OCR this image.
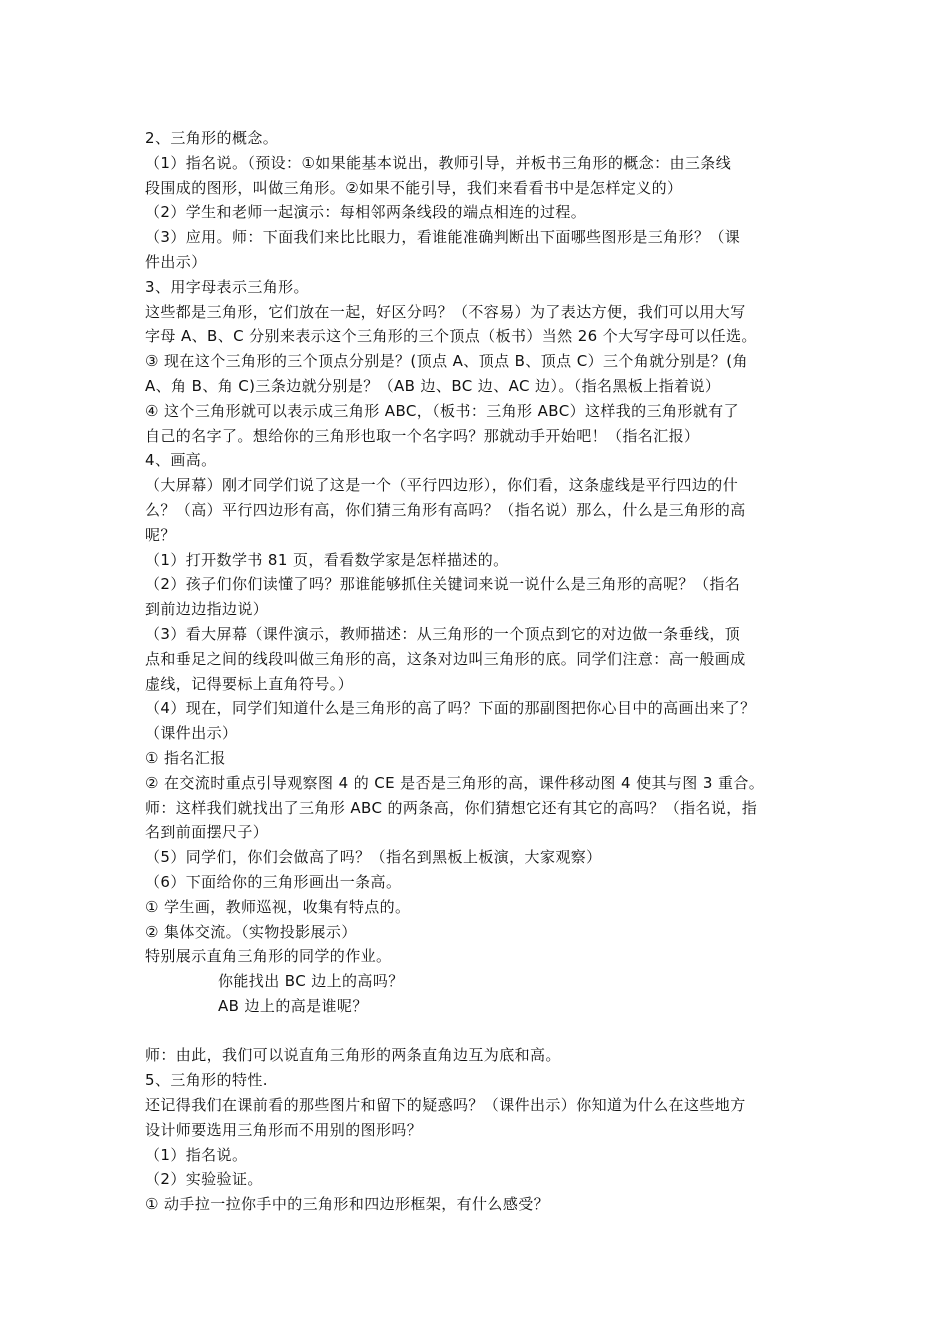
2、三角形的概念。
（1）指名说。（预设：①如果能基本说出，教师引导，并板书三角形的概念：由三条线
段围成的图形，叫做三角形。②如果不能引导，我们来看看书中是怎样定义的）
（2）学生和老师一起演示：每相邻两条线段的端点相连的过程。
（3）应用。师：下面我们来比比眼力，看谁能准确判断出下面哪些图形是三角形？（课
件出示）
3、用字母表示三角形。
这些都是三角形，它们放在一起，好区分吗？（不容易）为了表达方便，我们可以用大写
字母 A、B、C 分别来表示这个三角形的三个顶点（板书）当然 26 个大写字母可以任选。
③ 现在这个三角形的三个顶点分别是？(顶点 A、顶点 B、顶点 C）三个角就分别是？(角
A、角 B、角 C)三条边就分别是？（AB 边、BC 边、AC 边）。（指名黑板上指着说）
④ 这个三角形就可以表示成三角形 ABC，（板书：三角形 ABC）这样我的三角形就有了
自己的名字了。想给你的三角形也取一个名字吗？那就动手开始吧！（指名汇报）
4、画高。
（大屏幕）刚才同学们说了这是一个（平行四边形），你们看，这条虚线是平行四边的什
么？（高）平行四边形有高，你们猜三角形有高吗？（指名说）那么，什么是三角形的高
呢？
（1）打开数学书 81 页，看看数学家是怎样描述的。
（2）孩子们你们读懂了吗？那谁能够抓住关键词来说一说什么是三角形的高呢？（指名
到前边边指边说）
（3）看大屏幕（课件演示，教师描述：从三角形的一个顶点到它的对边做一条垂线，顶
点和垂足之间的线段叫做三角形的高，这条对边叫三角形的底。同学们注意：高一般画成
虚线，记得要标上直角符号。）
（4）现在，同学们知道什么是三角形的高了吗？下面的那副图把你心目中的高画出来了？
（课件出示）
① 指名汇报
② 在交流时重点引导观察图 4 的 CE 是否是三角形的高，课件移动图 4 使其与图 3 重合。
师：这样我们就找出了三角形 ABC 的两条高，你们猜想它还有其它的高吗？（指名说，指
名到前面摆尺子）
（5）同学们，你们会做高了吗？（指名到黑板上板演，大家观察）
（6）下面给你的三角形画出一条高。
① 学生画，教师巡视，收集有特点的。
② 集体交流。（实物投影展示）
特别展示直角三角形的同学的作业。
你能找出 BC 边上的高吗？
AB 边上的高是谁呢？
师：由此，我们可以说直角三角形的两条直角边互为底和高。
5、三角形的特性.
还记得我们在课前看的那些图片和留下的疑惑吗？（课件出示）你知道为什么在这些地方
设计师要选用三角形而不用别的图形吗？
（1）指名说。
（2）实验验证。
① 动手拉一拉你手中的三角形和四边形框架，有什么感受？
